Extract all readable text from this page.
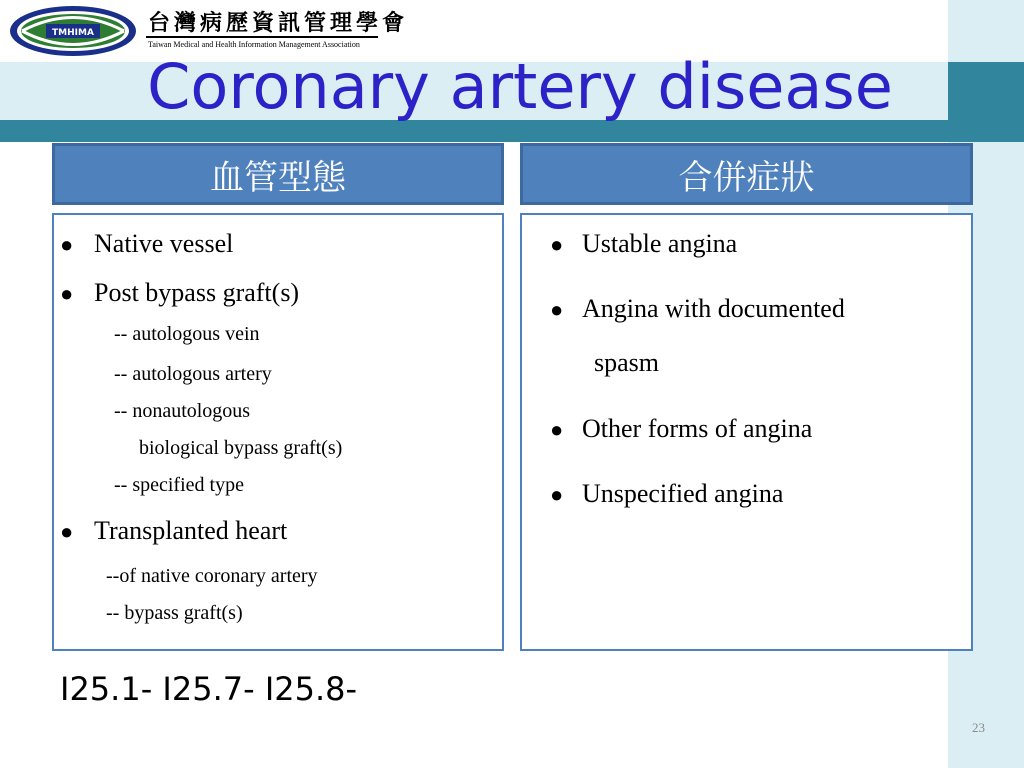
TMHIMA 台灣病歷資訊管理學會
Taiwan Medical and Health Information Management Association
Coronary artery disease
血管型態	合併症狀
● Native vessel
● Post bypass graft(s)
-- autologous vein
-- autologous artery
-- nonautologous
biological bypass graft(s)
-- specified type
● Transplanted heart
--of native coronary artery
-- bypass graft(s)
● Ustable angina
● Angina with documented
spasm
● Other forms of angina
● Unspecified angina
I25.1- I25.7- I25.8-
23
